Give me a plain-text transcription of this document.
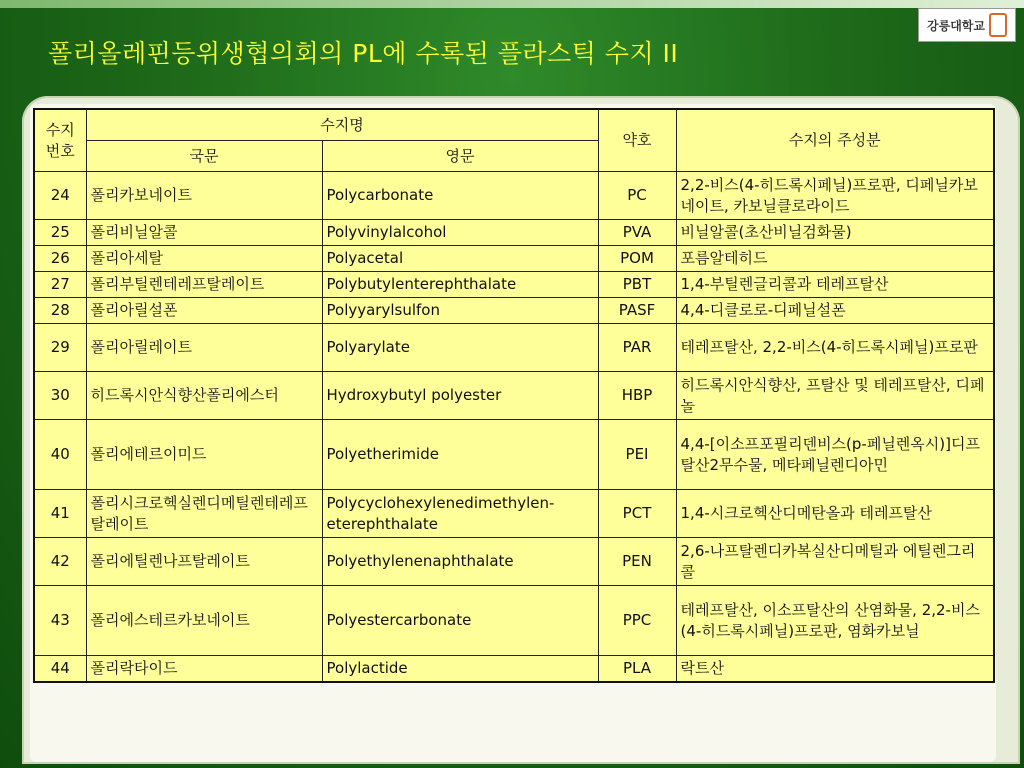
강릉대학교
폴리올레핀등위생협의회의 PL에 수록된 플라스틱 수지 II
수지
번호	수지명		약호	수지의 주성분
	국문	영문		
24	폴리카보네이트	Polycarbonate	PC	2,2-비스(4-히드록시페닐)프로판, 디페닐카보네이트, 카보닐클로라이드
25	폴리비닐알콜	Polyvinylalcohol	PVA	비닐알콜(초산비닐검화물)
26	폴리아세탈	Polyacetal	POM	포름알테히드
27	폴리부틸렌테레프탈레이트	Polybutylenterephthalate	PBT	1,4-부틸렌글리콜과 테레프탈산
28	폴리아릴설폰	Polyyarylsulfon	PASF	4,4-디클로로-디페닐설폰
29	폴리아릴레이트	Polyarylate	PAR	테레프탈산, 2,2-비스(4-히드록시페닐)프로판
30	히드록시안식향산폴리에스터	Hydroxybutyl polyester	HBP	히드록시안식향산, 프탈산 및 테레프탈산, 디페놀
40	폴리에테르이미드	Polyetherimide	PEI	4,4-[이소프포필리덴비스(p-페닐렌옥시)]디프탈산2무수물, 메타페닐렌디아민
41	폴리시크로헥실렌디메틸렌테레프탈레이트	Polycyclohexylenedimethylen-eterephthalate	PCT	1,4-시크로헥산디메탄올과 테레프탈산
42	폴리에틸렌나프탈레이트	Polyethylenenaphthalate	PEN	2,6-나프탈렌디카복실산디메틸과 에틸렌그리콜
43	폴리에스테르카보네이트	Polyestercarbonate	PPC	테레프탈산, 이소프탈산의 산염화물, 2,2-비스(4-히드록시페닐)프로판, 염화카보닐
44	폴리락타이드	Polylactide	PLA	락트산
